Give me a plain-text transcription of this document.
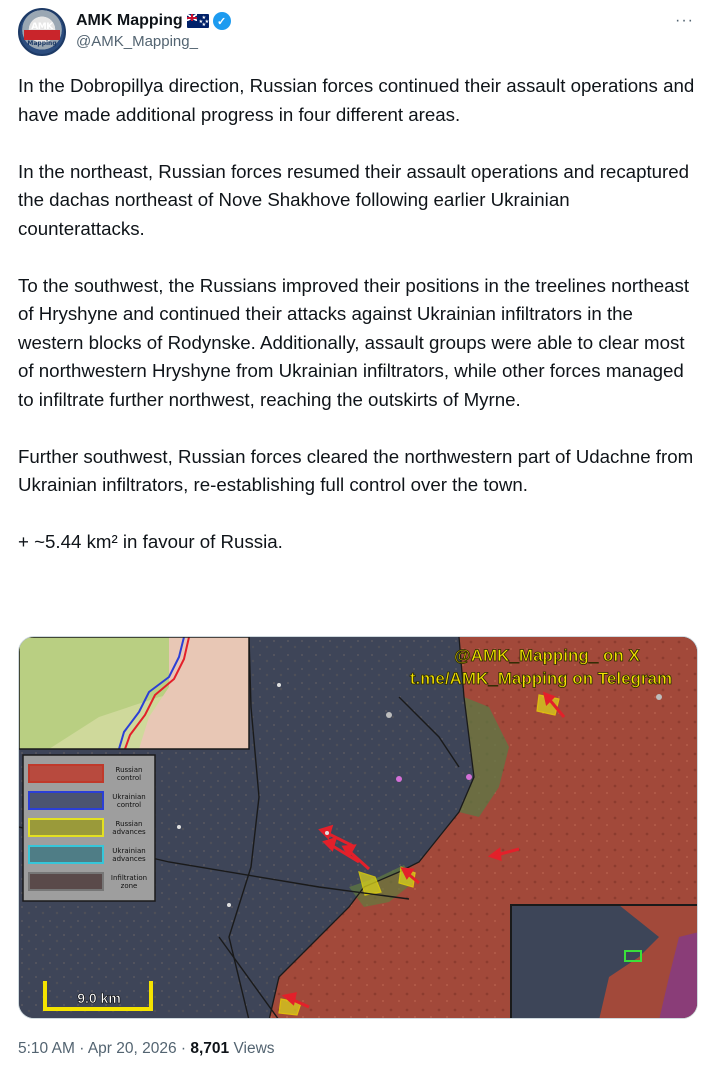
AMK
Mapping
AMK Mapping	★
★
★
★ ✓
@AMK_Mapping_
···

In the Dobropillya direction, Russian forces continued their assault operations and have made additional progress in four different areas.

In the northeast, Russian forces resumed their assault operations and recaptured the dachas northeast of Nove Shakhove following earlier Ukrainian counterattacks.

To the southwest, the Russians improved their positions in the treelines northeast of Hryshyne and continued their attacks against Ukrainian infiltrators in the western blocks of Rodynske. Additionally, assault groups were able to clear most of northwestern Hryshyne from Ukrainian infiltrators, while other forces managed to infiltrate further northwest, reaching the outskirts of Myrne.

Further southwest, Russian forces cleared the northwestern part of Udachne from Ukrainian infiltrators, re-establishing full control over the town.

+ ~5.44 km² in favour of Russia.

Russian
control
Ukrainian
control
Russian
advances
Ukrainian
advances
Infiltration
zone
9.0 km
@AMK_Mapping_ on X
t.me/AMK_Mapping on Telegram
5:10 AM · Apr 20, 2026 · 8,701 Views
